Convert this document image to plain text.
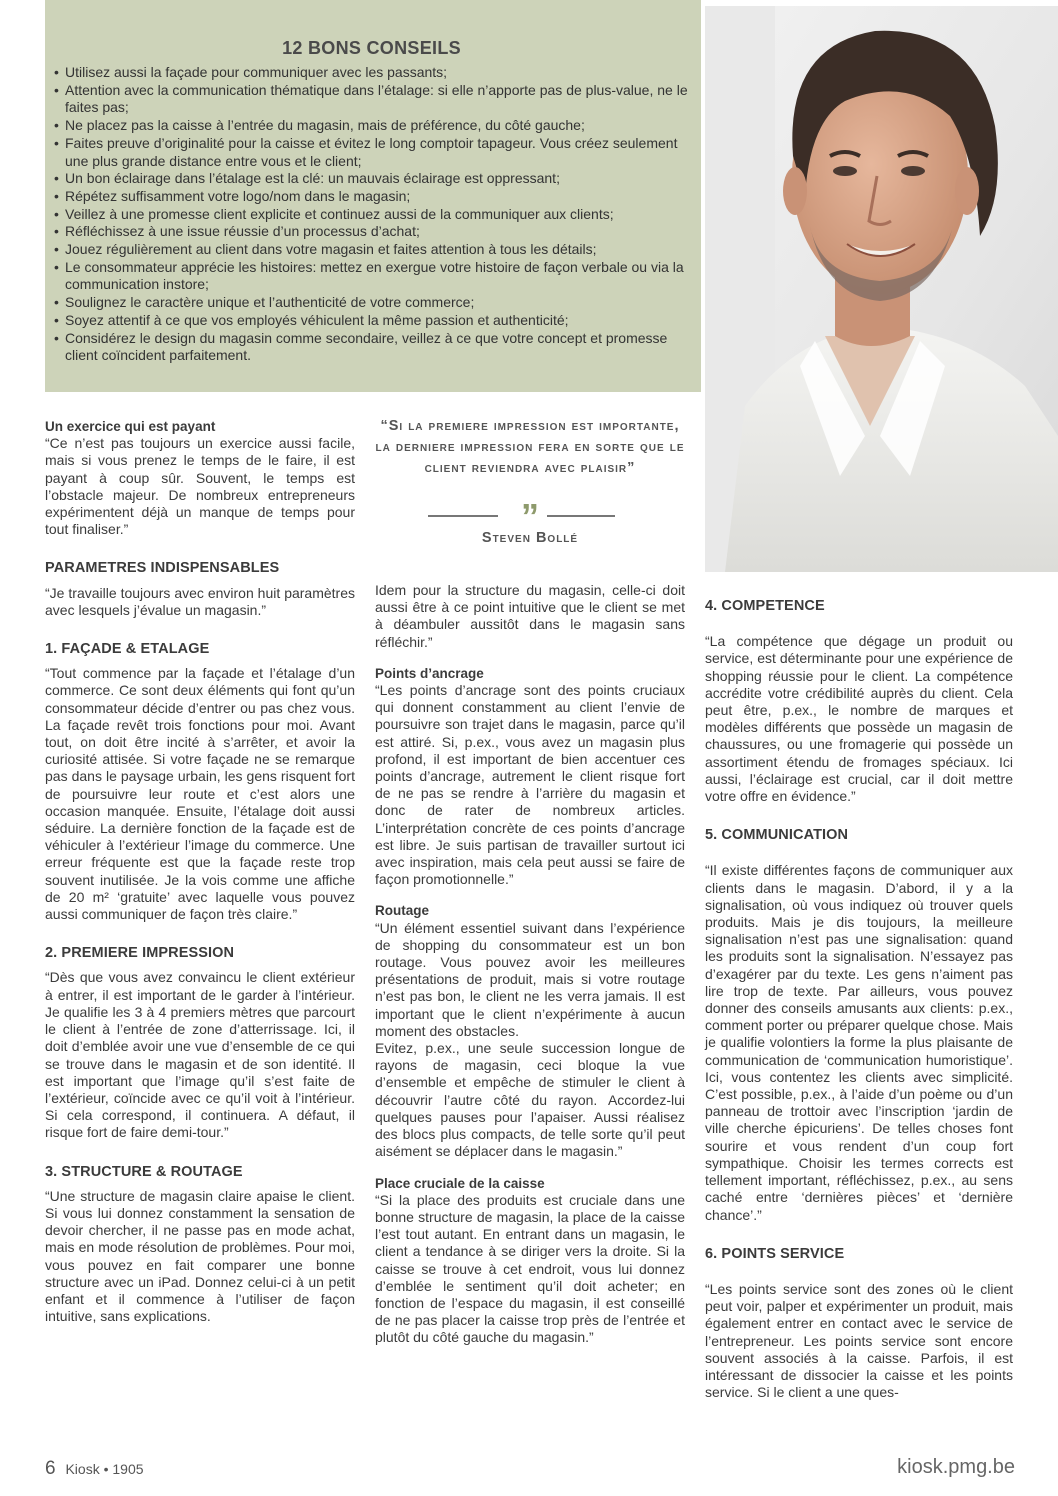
12 BONS CONSEILS
• Utilisez aussi la façade pour communiquer avec les passants;
• Attention avec la communication thématique dans l’étalage: si elle n’apporte pas de plus-value, ne le faites pas;
• Ne placez pas la caisse à l’entrée du magasin, mais de préférence, du côté gauche;
• Faites preuve d’originalité pour la caisse et évitez le long comptoir tapageur. Vous créez seulement une plus grande distance entre vous et le client;
• Un bon éclairage dans l’étalage est la clé: un mauvais éclairage est oppressant;
• Répétez suffisamment votre logo/nom dans le magasin;
• Veillez à une promesse client explicite et continuez aussi de la communiquer aux clients;
• Réfléchissez à une issue réussie d’un processus d’achat;
• Jouez régulièrement au client dans votre magasin et faites attention à tous les détails;
• Le consommateur apprécie les histoires: mettez en exergue votre histoire de façon verbale ou via la communication instore;
• Soulignez le caractère unique et l’authenticité de votre commerce;
• Soyez attentif à ce que vos employés véhiculent la même passion et authenticité;
• Considérez le design du magasin comme secondaire, veillez à ce que votre concept et promesse client coïncident parfaitement.
“Si la premiere impression est importante, la derniere impression fera en sorte que le client reviendra avec plaisir”
”
Steven Bollé
Un exercice qui est payant

“Ce n’est pas toujours un exercice aussi facile, mais si vous prenez le temps de le faire, il est payant à coup sûr. Souvent, le temps est l’obstacle majeur. De nombreux entrepreneurs expérimentent déjà un manque de temps pour tout finaliser.”

PARAMETRES INDISPENSABLES

“Je travaille toujours avec environ huit paramètres avec lesquels j’évalue un magasin.”

1. FAÇADE & ETALAGE

“Tout commence par la façade et l’étalage d’un commerce. Ce sont deux éléments qui font qu’un consommateur décide d’entrer ou pas chez vous. La façade revêt trois fonctions pour moi. Avant tout, on doit être incité à s’arrêter, et avoir la curiosité attisée. Si votre façade ne se remarque pas dans le paysage urbain, les gens risquent fort de poursuivre leur route et c’est alors une occasion manquée. Ensuite, l’étalage doit aussi séduire. La dernière fonction de la façade est de véhiculer à l’extérieur l’image du commerce. Une erreur fréquente est que la façade reste trop souvent inutilisée. Je la vois comme une affiche de 20 m² ‘gratuite’ avec laquelle vous pouvez aussi communiquer de façon très claire.”

2. PREMIERE IMPRESSION

“Dès que vous avez convaincu le client extérieur à entrer, il est important de le garder à l’intérieur. Je qualifie les 3 à 4 premiers mètres que parcourt le client à l’entrée de zone d’atterrissage. Ici, il doit d’emblée avoir une vue d’ensemble de ce qui se trouve dans le magasin et de son identité. Il est important que l’image qu’il s’est faite de l’extérieur, coïncide avec ce qu’il voit à l’intérieur. Si cela correspond, il continuera. A défaut, il risque fort de faire demi-tour.”

3. STRUCTURE & ROUTAGE

“Une structure de magasin claire apaise le client. Si vous lui donnez constamment la sensation de devoir chercher, il ne passe pas en mode achat, mais en mode résolution de problèmes. Pour moi, vous pouvez en fait comparer une bonne structure avec un iPad. Donnez celui-ci à un petit enfant et il commence à l’utiliser de façon intuitive, sans explications.

Idem pour la structure du magasin, celle-ci doit aussi être à ce point intuitive que le client se met à déambuler aussitôt dans le magasin sans réfléchir.”

Points d’ancrage

“Les points d’ancrage sont des points cruciaux qui donnent constamment au client l’envie de poursuivre son trajet dans le magasin, parce qu’il est attiré. Si, p.ex., vous avez un magasin plus profond, il est important de bien accentuer ces points d’ancrage, autrement le client risque fort de ne pas se rendre à l’arrière du magasin et donc de rater de nombreux articles. L’interprétation concrète de ces points d’ancrage est libre. Je suis partisan de travailler surtout ici avec inspiration, mais cela peut aussi se faire de façon promotionnelle.”

Routage

“Un élément essentiel suivant dans l’expérience de shopping du consommateur est un bon routage. Vous pouvez avoir les meilleures présentations de produit, mais si votre routage n’est pas bon, le client ne les verra jamais. Il est important que le client n’expérimente à aucun moment des obstacles.

Evitez, p.ex., une seule succession longue de rayons de magasin, ceci bloque la vue d’ensemble et empêche de stimuler le client à découvrir l’autre côté du rayon. Accordez-lui quelques pauses pour l’apaiser. Aussi réalisez des blocs plus compacts, de telle sorte qu’il peut aisément se déplacer dans le magasin.”

Place cruciale de la caisse

“Si la place des produits est cruciale dans une bonne structure de magasin, la place de la caisse l’est tout autant. En entrant dans un magasin, le client a tendance à se diriger vers la droite. Si la caisse se trouve à cet endroit, vous lui donnez d’emblée le sentiment qu’il doit acheter; en fonction de l’espace du magasin, il est conseillé de ne pas placer la caisse trop près de l’entrée et plutôt du côté gauche du magasin.”

4. COMPETENCE

“La compétence que dégage un produit ou service, est déterminante pour une expérience de shopping réussie pour le client. La compétence accrédite votre crédibilité auprès du client. Cela peut être, p.ex., le nombre de marques et modèles différents que possède un magasin de chaussures, ou une fromagerie qui possède un assortiment étendu de fromages spéciaux. Ici aussi, l’éclairage est crucial, car il doit mettre votre offre en évidence.”

5. COMMUNICATION

“Il existe différentes façons de communiquer aux clients dans le magasin. D’abord, il y a la signalisation, où vous indiquez où trouver quels produits. Mais je dis toujours, la meilleure signalisation n’est pas une signalisation: quand les produits sont la signalisation. N’essayez pas d’exagérer par du texte. Les gens n’aiment pas lire trop de texte. Par ailleurs, vous pouvez donner des conseils amusants aux clients: p.ex., comment porter ou préparer quelque chose. Mais je qualifie volontiers la forme la plus plaisante de communication de ‘communication humoristique’. Ici, vous contentez les clients avec simplicité. C’est possible, p.ex., à l’aide d’un poème ou d’un panneau de trottoir avec l’inscription ‘jardin de ville cherche épicuriens’. De telles choses font sourire et vous rendent d’un coup fort sympathique. Choisir les termes corrects est tellement important, réfléchissez, p.ex., au sens caché entre ‘dernières pièces’ et ‘dernière chance’.”

6. POINTS SERVICE

“Les points service sont des zones où le client peut voir, palper et expérimenter un produit, mais également entrer en contact avec le service de l’entrepreneur. Les points service sont encore souvent associés à la caisse. Parfois, il est intéressant de dissocier la caisse et les points service. Si le client a une ques-

6 Kiosk • 1905	kiosk.pmg.be
